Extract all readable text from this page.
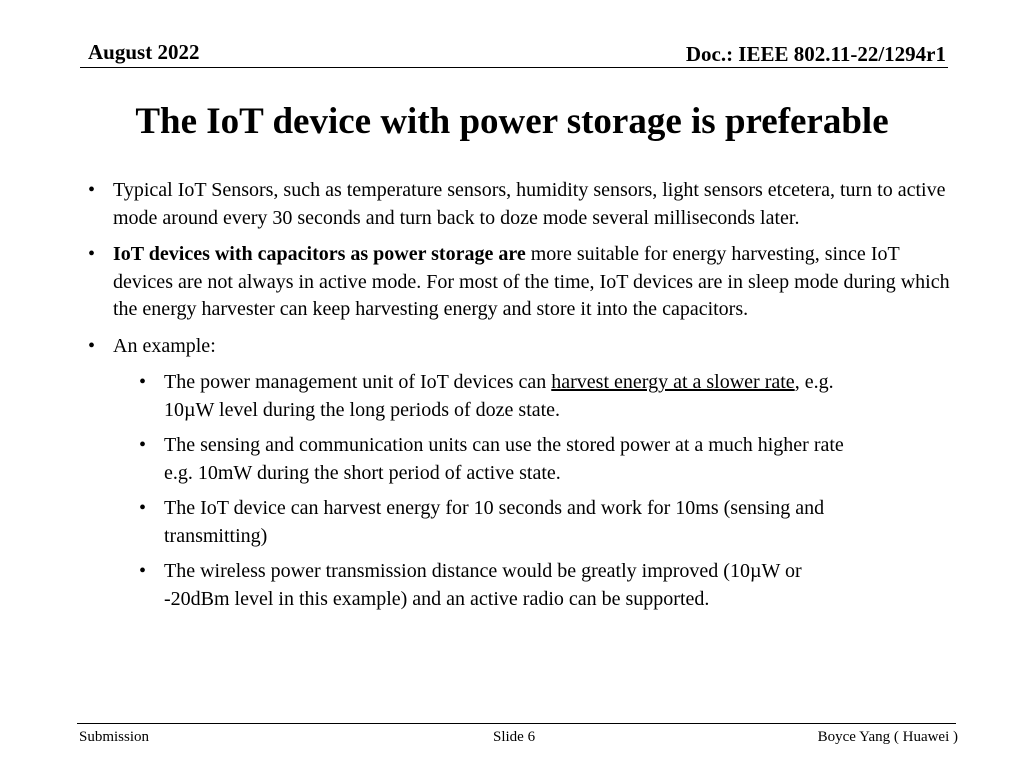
August 2022	Doc.: IEEE 802.11-22/1294r1
The IoT device with power storage is preferable
• Typical IoT Sensors, such as temperature sensors, humidity sensors, light sensors etcetera, turn to active mode around every 30 seconds and turn back to doze mode several milliseconds later.
• IoT devices with capacitors as power storage are more suitable for energy harvesting, since IoT devices are not always in active mode. For most of the time, IoT devices are in sleep mode during which the energy harvester can keep harvesting energy and store it into the capacitors.
• An example:
• The power management unit of IoT devices can harvest energy at a slower rate, e.g. 10µW level during the long periods of doze state.
• The sensing and communication units can use the stored power at a much higher rate e.g. 10mW during the short period of active state.
• The IoT device can harvest energy for 10 seconds and work for 10ms (sensing and transmitting)
• The wireless power transmission distance would be greatly improved (10µW or -20dBm level in this example) and an active radio can be supported.
Submission	Slide 6	Boyce Yang ( Huawei )
